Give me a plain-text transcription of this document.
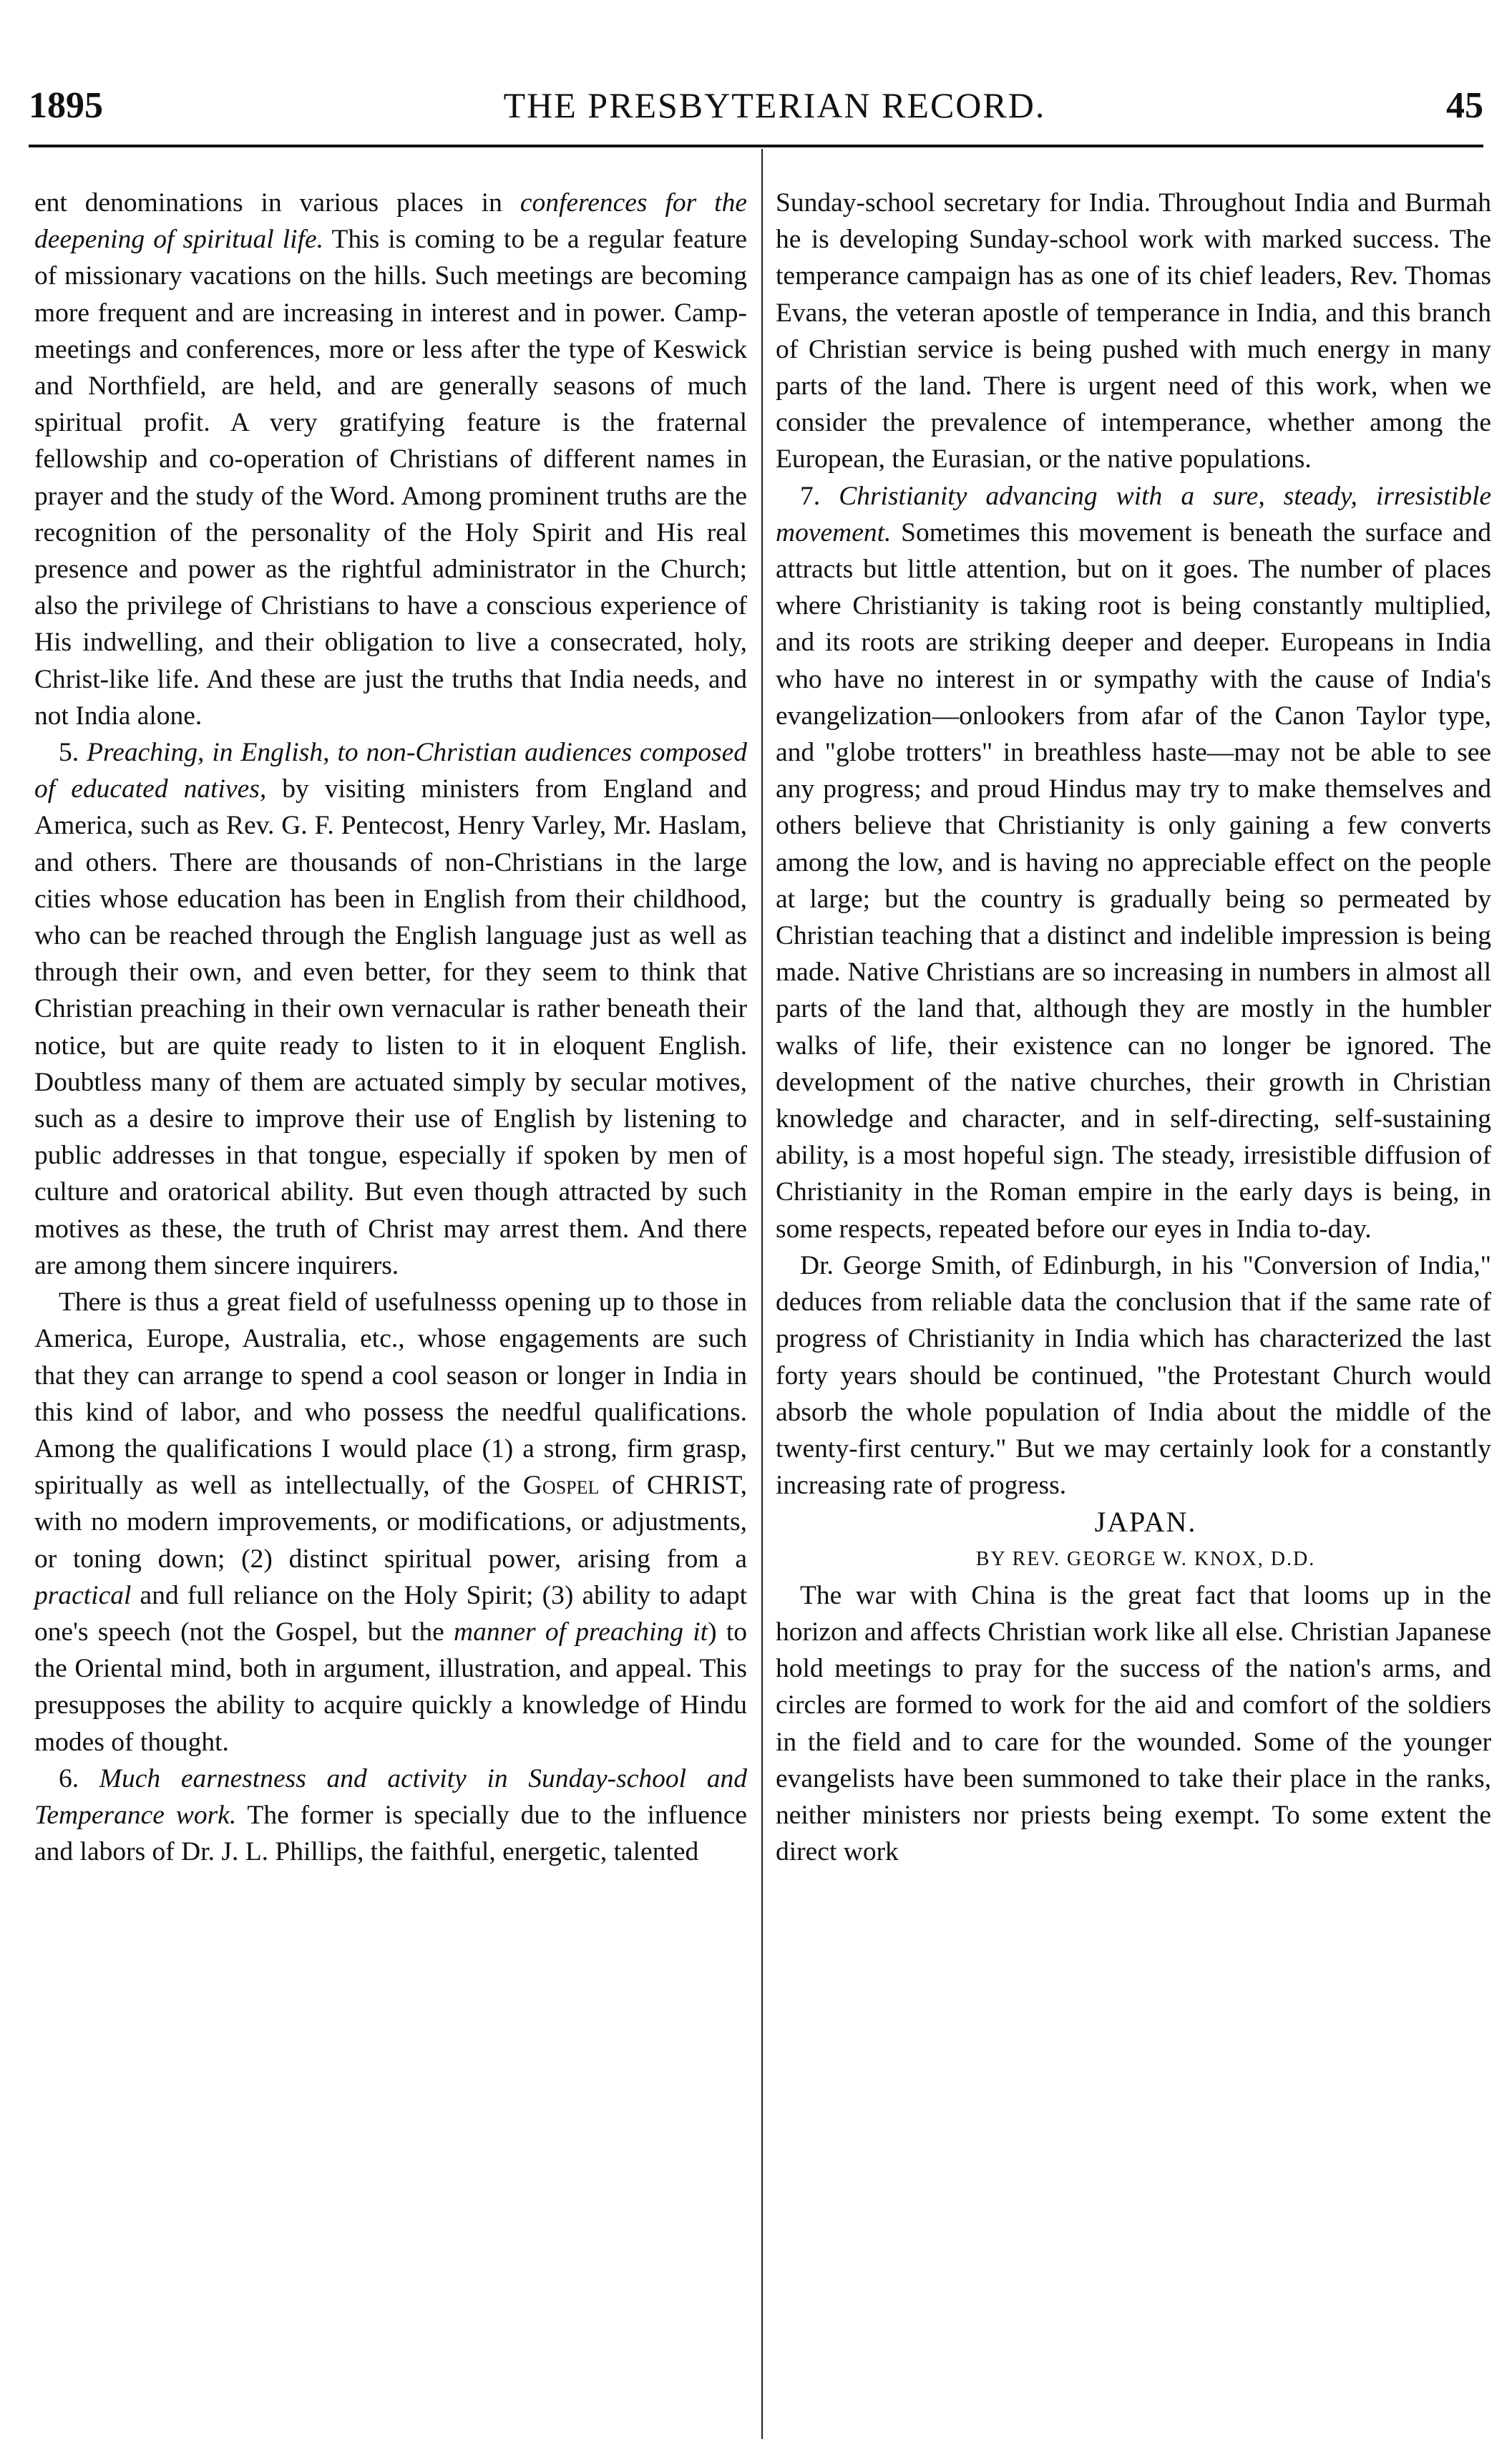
1895	THE PRESBYTERIAN RECORD.	45

ent denominations in various places in conferences for the deepening of spiritual life. This is coming to be a regular feature of missionary vacations on the hills. Such meetings are becoming more frequent and are increasing in interest and in power. Camp-meetings and conferences, more or less after the type of Keswick and Northfield, are held, and are generally seasons of much spiritual profit. A very gratifying feature is the fraternal fellowship and co-operation of Christians of different names in prayer and the study of the Word. Among prominent truths are the recognition of the personality of the Holy Spirit and His real presence and power as the rightful administrator in the Church; also the privilege of Christians to have a conscious experience of His indwelling, and their obligation to live a consecrated, holy, Christ-like life. And these are just the truths that India needs, and not India alone.

5. Preaching, in English, to non-Christian audiences composed of educated natives, by visiting ministers from England and America, such as Rev. G. F. Pentecost, Henry Varley, Mr. Haslam, and others. There are thousands of non-Christians in the large cities whose education has been in English from their childhood, who can be reached through the English language just as well as through their own, and even better, for they seem to think that Christian preaching in their own vernacular is rather beneath their notice, but are quite ready to listen to it in eloquent English. Doubtless many of them are actuated simply by secular motives, such as a desire to improve their use of English by listening to public addresses in that tongue, especially if spoken by men of culture and oratorical ability. But even though attracted by such motives as these, the truth of Christ may arrest them. And there are among them sincere inquirers.

There is thus a great field of usefulnesss opening up to those in America, Europe, Australia, etc., whose engagements are such that they can arrange to spend a cool season or longer in India in this kind of labor, and who possess the needful qualifications. Among the qualifications I would place (1) a strong, firm grasp, spiritually as well as intellectually, of the Gospel of CHRIST, with no modern improvements, or modifications, or adjustments, or toning down; (2) distinct spiritual power, arising from a practical and full reliance on the Holy Spirit; (3) ability to adapt one's speech (not the Gospel, but the manner of preaching it) to the Oriental mind, both in argument, illustration, and appeal. This presupposes the ability to acquire quickly a knowledge of Hindu modes of thought.

6. Much earnestness and activity in Sunday-school and Temperance work. The former is specially due to the influence and labors of Dr. J. L. Phillips, the faithful, energetic, talented

Sunday-school secretary for India. Throughout India and Burmah he is developing Sunday-school work with marked success. The temperance campaign has as one of its chief leaders, Rev. Thomas Evans, the veteran apostle of temperance in India, and this branch of Christian service is being pushed with much energy in many parts of the land. There is urgent need of this work, when we consider the prevalence of intemperance, whether among the European, the Eurasian, or the native populations.

7. Christianity advancing with a sure, steady, irresistible movement. Sometimes this movement is beneath the surface and attracts but little attention, but on it goes. The number of places where Christianity is taking root is being constantly multiplied, and its roots are striking deeper and deeper. Europeans in India who have no interest in or sympathy with the cause of India's evangelization—onlookers from afar of the Canon Taylor type, and "globe trotters" in breathless haste—may not be able to see any progress; and proud Hindus may try to make themselves and others believe that Christianity is only gaining a few converts among the low, and is having no appreciable effect on the people at large; but the country is gradually being so permeated by Christian teaching that a distinct and indelible impression is being made. Native Christians are so increasing in numbers in almost all parts of the land that, although they are mostly in the humbler walks of life, their existence can no longer be ignored. The development of the native churches, their growth in Christian knowledge and character, and in self-directing, self-sustaining ability, is a most hopeful sign. The steady, irresistible diffusion of Christianity in the Roman empire in the early days is being, in some respects, repeated before our eyes in India to-day.

Dr. George Smith, of Edinburgh, in his "Conversion of India," deduces from reliable data the conclusion that if the same rate of progress of Christianity in India which has characterized the last forty years should be continued, "the Protestant Church would absorb the whole population of India about the middle of the twenty-first century." But we may certainly look for a constantly increasing rate of progress.

JAPAN.

BY REV. GEORGE W. KNOX, D.D.

The war with China is the great fact that looms up in the horizon and affects Christian work like all else. Christian Japanese hold meetings to pray for the success of the nation's arms, and circles are formed to work for the aid and comfort of the soldiers in the field and to care for the wounded. Some of the younger evangelists have been summoned to take their place in the ranks, neither ministers nor priests being exempt. To some extent the direct work
